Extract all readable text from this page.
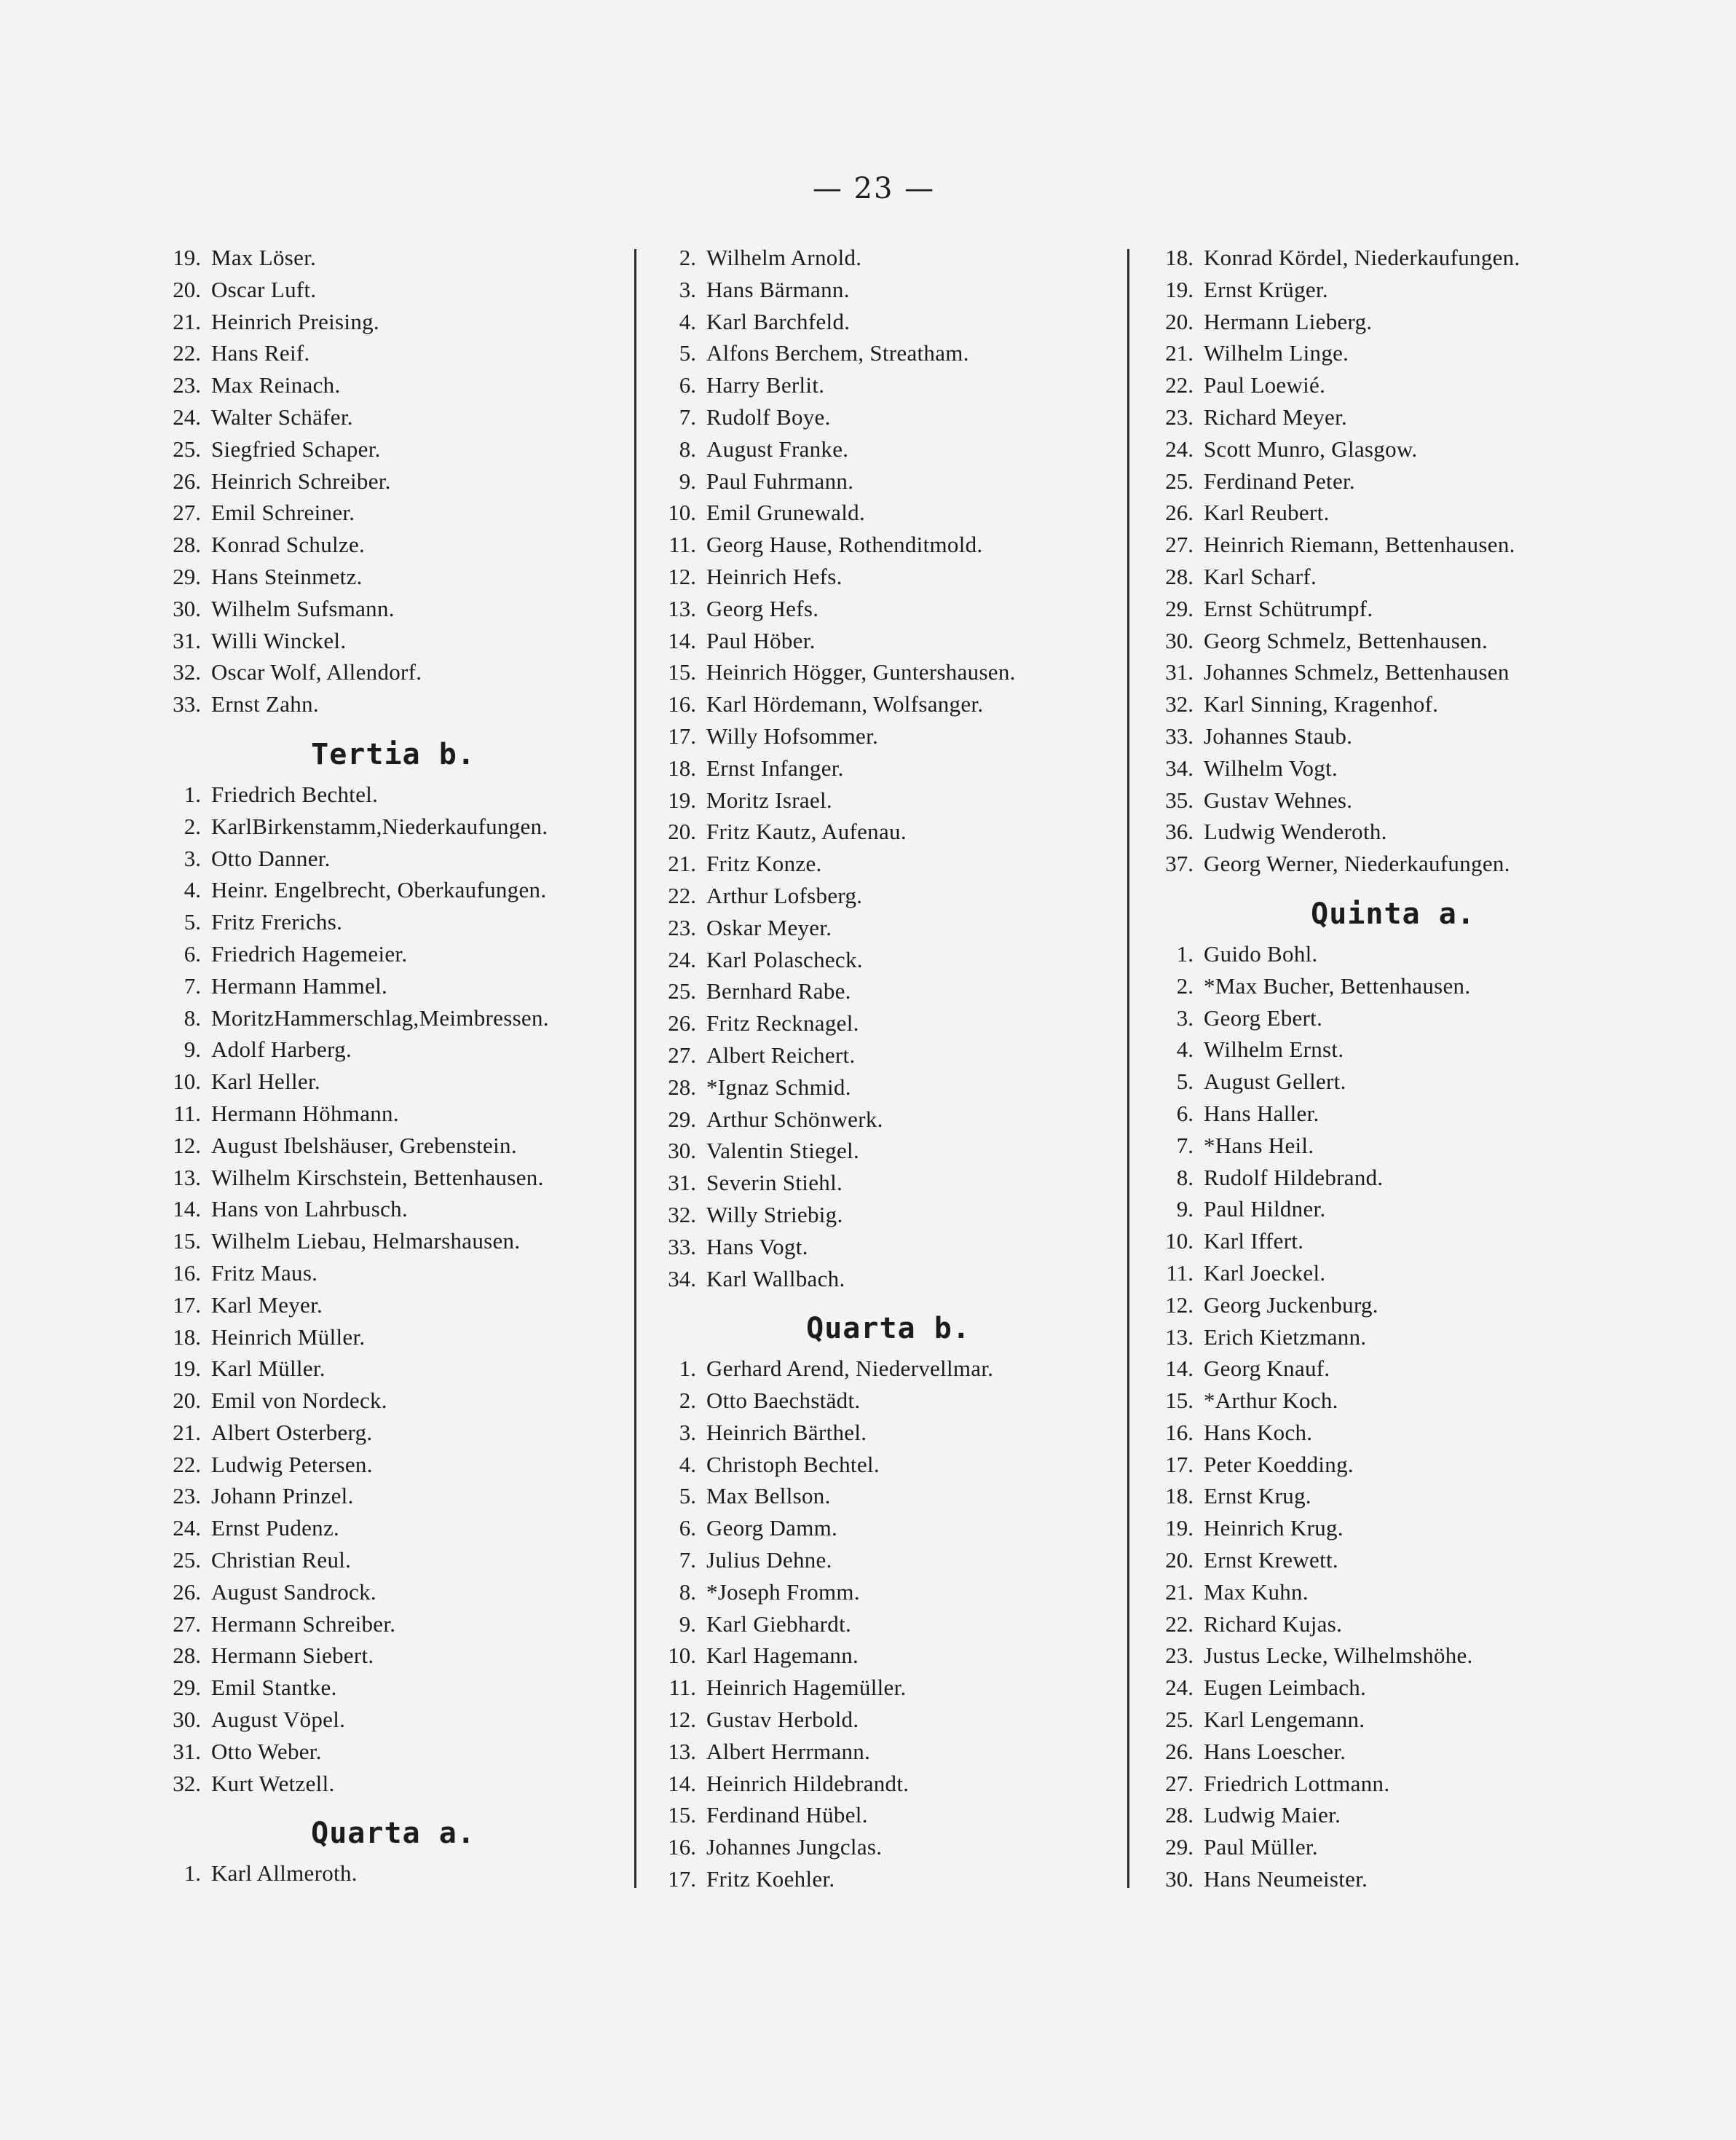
— 23 —
19. Max Löser.
20. Oscar Luft.
21. Heinrich Preising.
22. Hans Reif.
23. Max Reinach.
24. Walter Schäfer.
25. Siegfried Schaper.
26. Heinrich Schreiber.
27. Emil Schreiner.
28. Konrad Schulze.
29. Hans Steinmetz.
30. Wilhelm Sufsmann.
31. Willi Winckel.
32. Oscar Wolf, Allendorf.
33. Ernst Zahn.
Tertia b.
1. Friedrich Bechtel.
2. KarlBirkenstamm,Niederkaufungen.
3. Otto Danner.
4. Heinr. Engelbrecht, Oberkaufungen.
5. Fritz Frerichs.
6. Friedrich Hagemeier.
7. Hermann Hammel.
8. MoritzHammerschlag,Meimbressen.
9. Adolf Harberg.
10. Karl Heller.
11. Hermann Höhmann.
12. August Ibelshäuser, Grebenstein.
13. Wilhelm Kirschstein, Bettenhausen.
14. Hans von Lahrbusch.
15. Wilhelm Liebau, Helmarshausen.
16. Fritz Maus.
17. Karl Meyer.
18. Heinrich Müller.
19. Karl Müller.
20. Emil von Nordeck.
21. Albert Osterberg.
22. Ludwig Petersen.
23. Johann Prinzel.
24. Ernst Pudenz.
25. Christian Reul.
26. August Sandrock.
27. Hermann Schreiber.
28. Hermann Siebert.
29. Emil Stantke.
30. August Vöpel.
31. Otto Weber.
32. Kurt Wetzell.
Quarta a.
1. Karl Allmeroth.
2. Wilhelm Arnold.
3. Hans Bärmann.
4. Karl Barchfeld.
5. Alfons Berchem, Streatham.
6. Harry Berlit.
7. Rudolf Boye.
8. August Franke.
9. Paul Fuhrmann.
10. Emil Grunewald.
11. Georg Hause, Rothenditmold.
12. Heinrich Hefs.
13. Georg Hefs.
14. Paul Höber.
15. Heinrich Högger, Guntershausen.
16. Karl Hördemann, Wolfsanger.
17. Willy Hofsommer.
18. Ernst Infanger.
19. Moritz Israel.
20. Fritz Kautz, Aufenau.
21. Fritz Konze.
22. Arthur Lofsberg.
23. Oskar Meyer.
24. Karl Polascheck.
25. Bernhard Rabe.
26. Fritz Recknagel.
27. Albert Reichert.
28. *Ignaz Schmid.
29. Arthur Schönwerk.
30. Valentin Stiegel.
31. Severin Stiehl.
32. Willy Striebig.
33. Hans Vogt.
34. Karl Wallbach.
Quarta b.
1. Gerhard Arend, Niedervellmar.
2. Otto Baechstädt.
3. Heinrich Bärthel.
4. Christoph Bechtel.
5. Max Bellson.
6. Georg Damm.
7. Julius Dehne.
8. *Joseph Fromm.
9. Karl Giebhardt.
10. Karl Hagemann.
11. Heinrich Hagemüller.
12. Gustav Herbold.
13. Albert Herrmann.
14. Heinrich Hildebrandt.
15. Ferdinand Hübel.
16. Johannes Jungclas.
17. Fritz Koehler.
18. Konrad Kördel, Niederkaufungen.
19. Ernst Krüger.
20. Hermann Lieberg.
21. Wilhelm Linge.
22. Paul Loewié.
23. Richard Meyer.
24. Scott Munro, Glasgow.
25. Ferdinand Peter.
26. Karl Reubert.
27. Heinrich Riemann, Bettenhausen.
28. Karl Scharf.
29. Ernst Schütrumpf.
30. Georg Schmelz, Bettenhausen.
31. Johannes Schmelz, Bettenhausen
32. Karl Sinning, Kragenhof.
33. Johannes Staub.
34. Wilhelm Vogt.
35. Gustav Wehnes.
36. Ludwig Wenderoth.
37. Georg Werner, Niederkaufungen.
Quinta a.
1. Guido Bohl.
2. *Max Bucher, Bettenhausen.
3. Georg Ebert.
4. Wilhelm Ernst.
5. August Gellert.
6. Hans Haller.
7. *Hans Heil.
8. Rudolf Hildebrand.
9. Paul Hildner.
10. Karl Iffert.
11. Karl Joeckel.
12. Georg Juckenburg.
13. Erich Kietzmann.
14. Georg Knauf.
15. *Arthur Koch.
16. Hans Koch.
17. Peter Koedding.
18. Ernst Krug.
19. Heinrich Krug.
20. Ernst Krewett.
21. Max Kuhn.
22. Richard Kujas.
23. Justus Lecke, Wilhelmshöhe.
24. Eugen Leimbach.
25. Karl Lengemann.
26. Hans Loescher.
27. Friedrich Lottmann.
28. Ludwig Maier.
29. Paul Müller.
30. Hans Neumeister.
